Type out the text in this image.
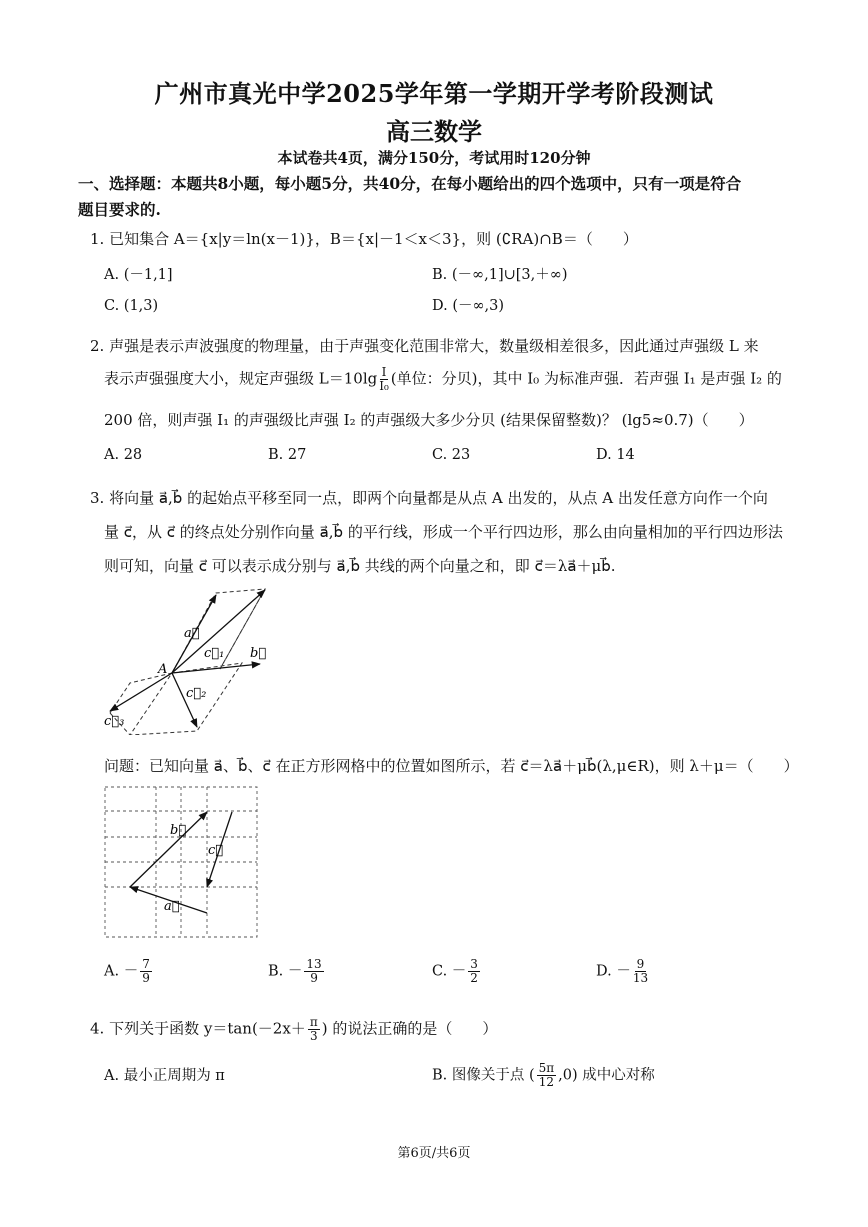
广州市真光中学2025学年第一学期开学考阶段测试
高三数学
本试卷共4页，满分150分，考试用时120分钟
一、选择题：本题共8小题，每小题5分，共40分，在每小题给出的四个选项中，只有一项是符合
题目要求的.
1. 已知集合 A＝{x|y＝ln(x－1)}，B＝{x|－1＜x＜3}，则 (∁RA)∩B＝（　　）
A. (－1,1]	B. (－∞,1]∪[3,＋∞)
C. (1,3)	D. (－∞,3)
2. 声强是表示声波强度的物理量，由于声强变化范围非常大，数量级相差很多，因此通过声强级 L 来
表示声强强度大小，规定声强级 $L=10\lg \frac{I}{\text{I₀}}$ (单位：分贝)，其中 I₀ 为标准声强．若声强 I₁ 是声强 I₂ 的
200 倍，则声强 I₁ 的声强级比声强 I₂ 的声强级大多少分贝 (结果保留整数)？ (lg5≈0.7)（　　）
A. 28	B. 27	C. 23	D. 14
3. 将向量 a⃗,b⃗ 的起始点平移至同一点，即两个向量都是从点 A 出发的，从点 A 出发任意方向作一个向
量 c⃗，从 c⃗ 的终点处分别作向量 a⃗,b⃗ 的平行线，形成一个平行四边形，那么由向量相加的平行四边形法
则可知，向量 c⃗ 可以表示成分别与 a⃗,b⃗ 共线的两个向量之和，即 c⃗＝λa⃗＋μb⃗.
a⃗
b⃗
c⃗₁
c⃗₂
c⃗₃
A
问题：已知向量 a⃗、b⃗、c⃗ 在正方形网格中的位置如图所示，若 c⃗＝λa⃗＋μb⃗(λ,μ∈R)，则 λ＋μ＝（　　）
b⃗
c⃗
a⃗
A. － $\frac{7}{9}$	B. － $\frac{13}{9}$	C. － $\frac{3}{2}$	D. － $\frac{9}{13}$
4. 下列关于函数 $y=\tan(-2x+ \frac{\pi}{3}$ ) 的说法正确的是（　　）
A. 最小正周期为 π	B. 图像关于点 ( $\frac{5\pi}{12} ,0$) 成中心对称
第6页/共6页
